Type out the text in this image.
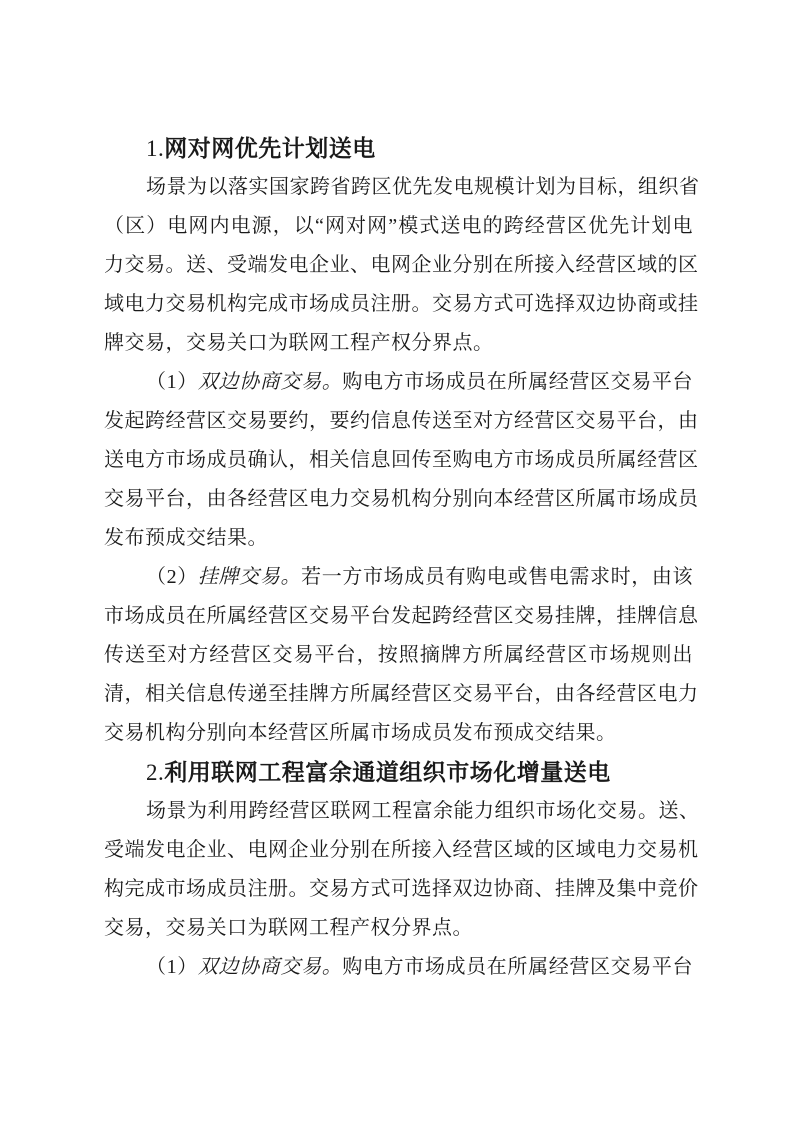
1.网对网优先计划送电
场景为以落实国家跨省跨区优先发电规模计划为目标，组织省
（区）电网内电源，以“网对网”模式送电的跨经营区优先计划电
力交易。送、受端发电企业、电网企业分别在所接入经营区域的区
域电力交易机构完成市场成员注册。交易方式可选择双边协商或挂
牌交易，交易关口为联网工程产权分界点。
（1）双边协商交易。购电方市场成员在所属经营区交易平台
发起跨经营区交易要约，要约信息传送至对方经营区交易平台，由
送电方市场成员确认，相关信息回传至购电方市场成员所属经营区
交易平台，由各经营区电力交易机构分别向本经营区所属市场成员
发布预成交结果。
（2）挂牌交易。若一方市场成员有购电或售电需求时，由该
市场成员在所属经营区交易平台发起跨经营区交易挂牌，挂牌信息
传送至对方经营区交易平台，按照摘牌方所属经营区市场规则出
清，相关信息传递至挂牌方所属经营区交易平台，由各经营区电力
交易机构分别向本经营区所属市场成员发布预成交结果。
2.利用联网工程富余通道组织市场化增量送电
场景为利用跨经营区联网工程富余能力组织市场化交易。送、
受端发电企业、电网企业分别在所接入经营区域的区域电力交易机
构完成市场成员注册。交易方式可选择双边协商、挂牌及集中竞价
交易，交易关口为联网工程产权分界点。
（1）双边协商交易。购电方市场成员在所属经营区交易平台
